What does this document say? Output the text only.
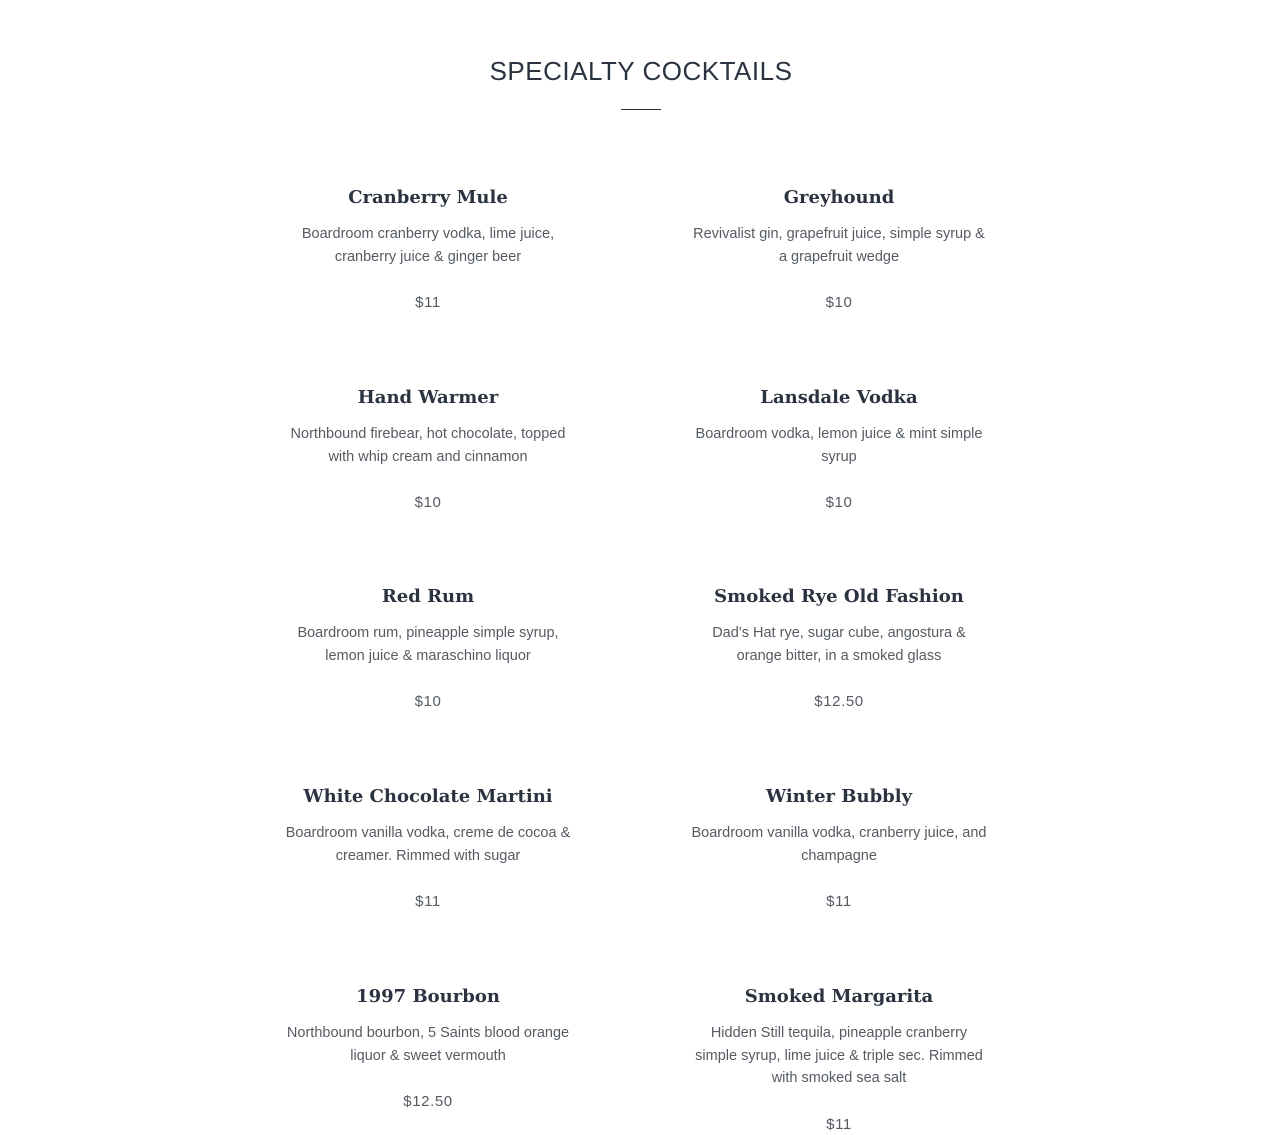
SPECIALTY COCKTAILS

Cranberry Mule

Boardroom cranberry vodka, lime juice, cranberry juice & ginger beer

$11

Greyhound

Revivalist gin, grapefruit juice, simple syrup & a grapefruit wedge

$10

Hand Warmer

Northbound firebear, hot chocolate, topped with whip cream and cinnamon

$10

Lansdale Vodka

Boardroom vodka, lemon juice & mint simple syrup

$10

Red Rum

Boardroom rum, pineapple simple syrup, lemon juice & maraschino liquor

$10

Smoked Rye Old Fashion

Dad’s Hat rye, sugar cube, angostura & orange bitter, in a smoked glass

$12.50

White Chocolate Martini

Boardroom vanilla vodka, creme de cocoa & creamer. Rimmed with sugar

$11

Winter Bubbly

Boardroom vanilla vodka, cranberry juice, and champagne

$11

1997 Bourbon

Northbound bourbon, 5 Saints blood orange liquor & sweet vermouth

$12.50

Smoked Margarita

Hidden Still tequila, pineapple cranberry simple syrup, lime juice & triple sec. Rimmed with smoked sea salt

$11
